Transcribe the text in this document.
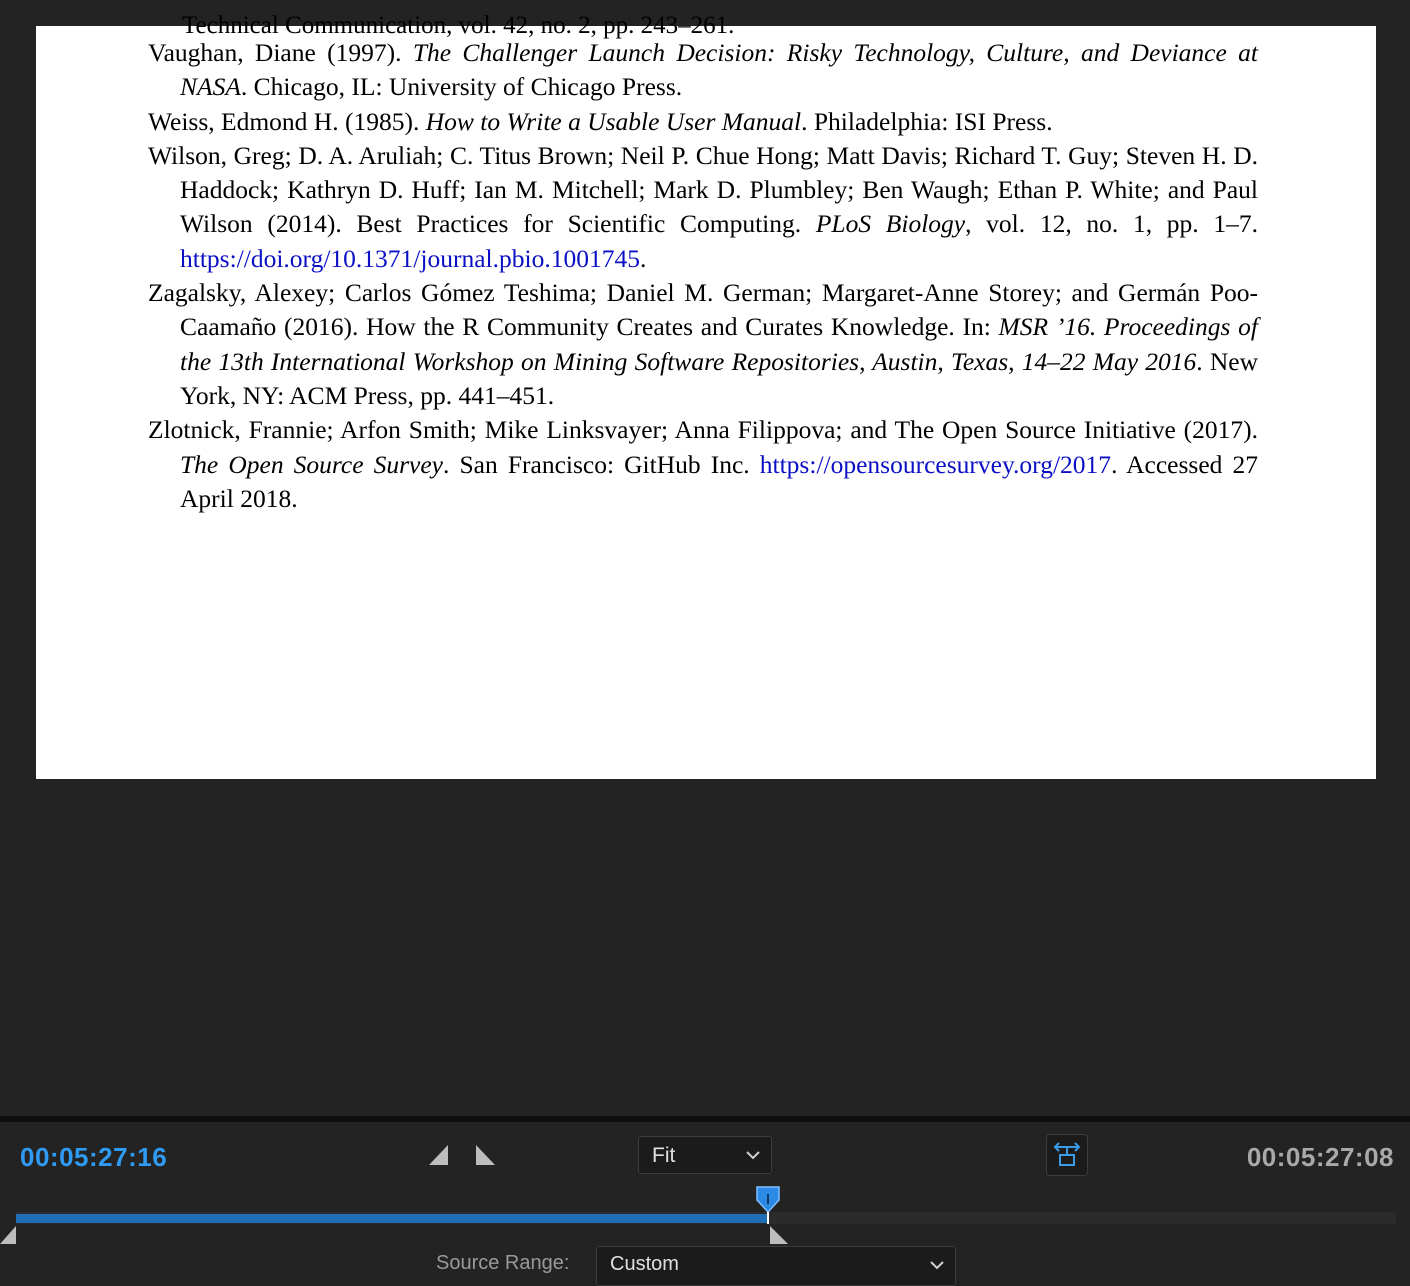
Technical Communication, vol. 42, no. 2, pp. 243–261.

Vaughan, Diane (1997). The Challenger Launch Decision: Risky Technology, Culture, and Deviance at NASA. Chicago, IL: University of Chicago Press.

Weiss, Edmond H. (1985). How to Write a Usable User Manual. Philadelphia: ISI Press.

Wilson, Greg; D. A. Aruliah; C. Titus Brown; Neil P. Chue Hong; Matt Davis; Richard T. Guy; Steven H. D. Haddock; Kathryn D. Huff; Ian M. Mitchell; Mark D. Plumbley; Ben Waugh; Ethan P. White; and Paul Wilson (2014). Best Practices for Scientific Computing. PLoS Biology, vol. 12, no. 1, pp. 1–7. https://doi.org/10.1371/journal.pbio.1001745.

Zagalsky, Alexey; Carlos Gómez Teshima; Daniel M. German; Margaret-Anne Storey; and Germán Poo-Caamaño (2016). How the R Community Creates and Curates Knowledge. In: MSR ’16. Proceedings of the 13th International Workshop on Mining Software Repositories, Austin, Texas, 14–22 May 2016. New York, NY: ACM Press, pp. 441–451.

Zlotnick, Frannie; Arfon Smith; Mike Linksvayer; Anna Filippova; and The Open Source Initiative (2017). The Open Source Survey. San Francisco: GitHub Inc. https://opensourcesurvey.org/2017. Accessed 27 April 2018.

00:05:27:16	Fit	00:05:27:08
Source Range: Custom
